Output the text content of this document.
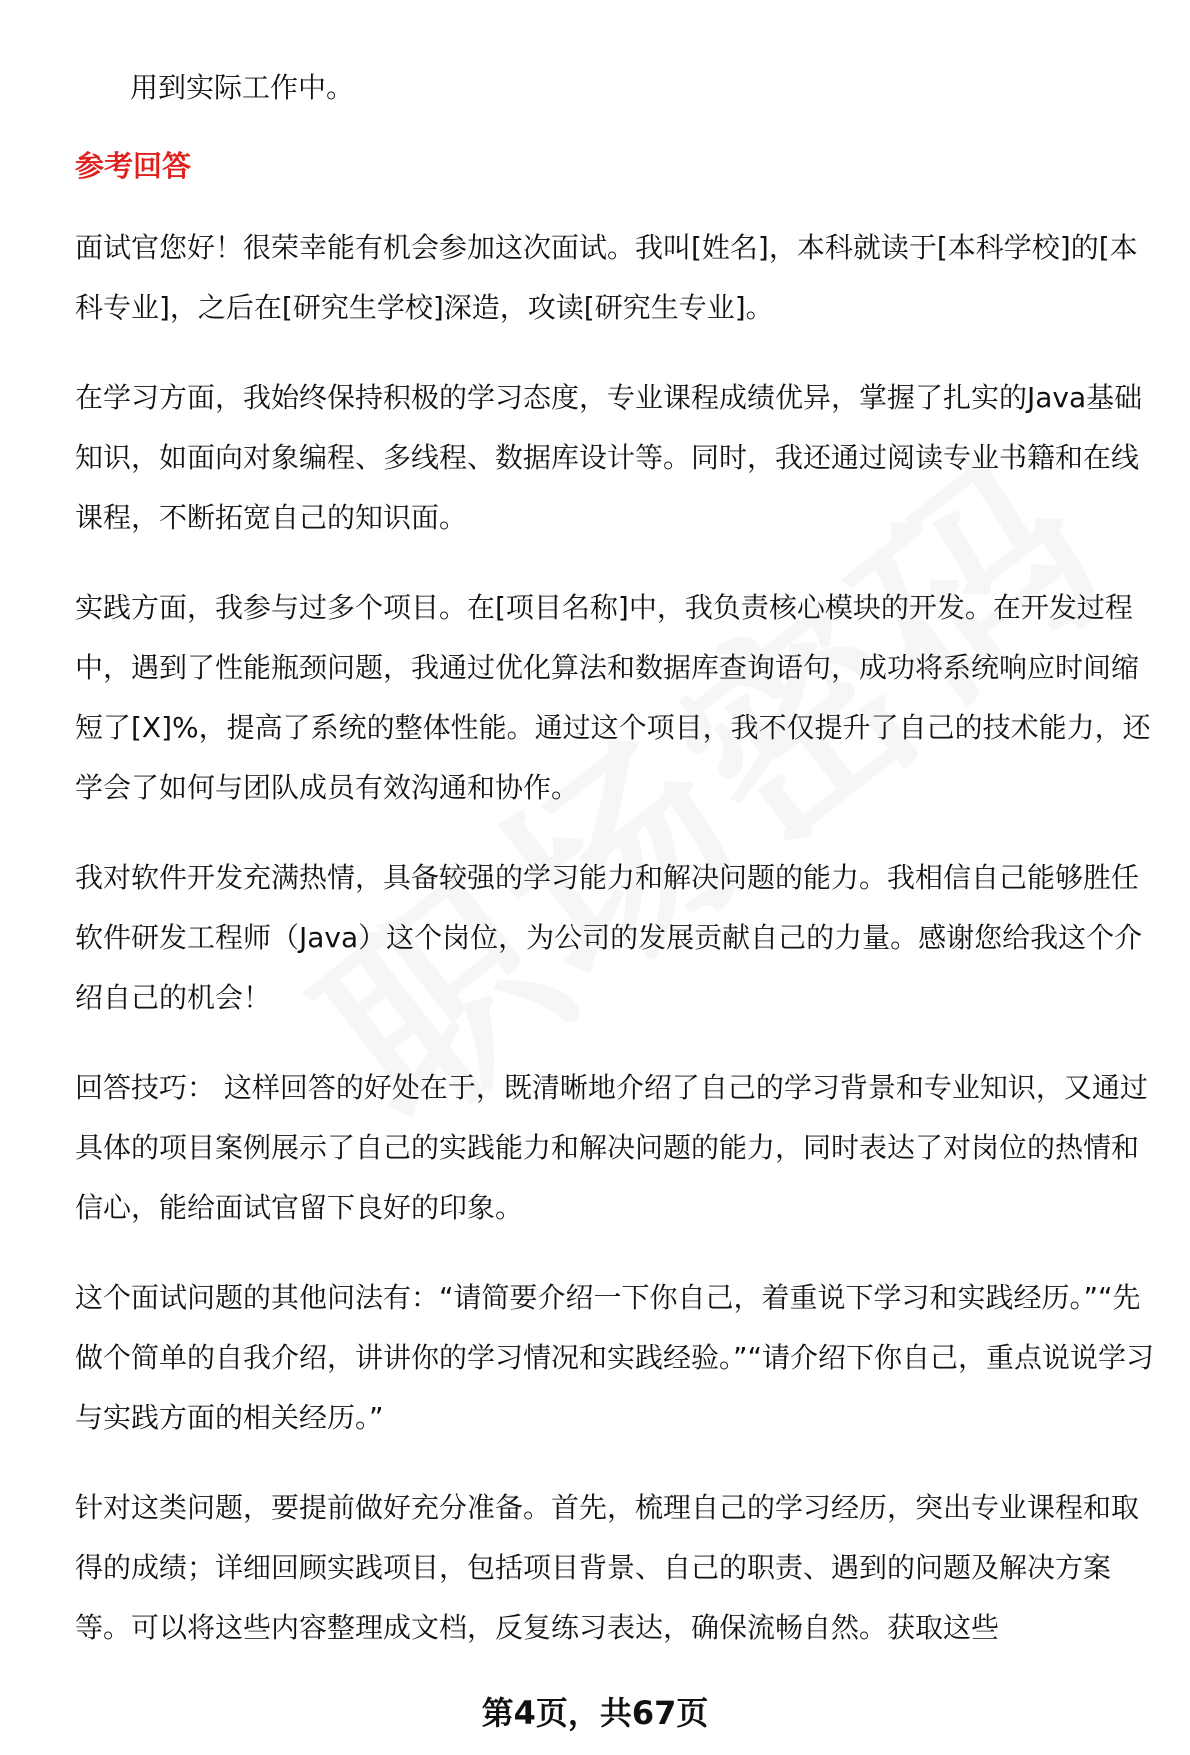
用到实际工作中。

参考回答

面试官您好！很荣幸能有机会参加这次面试。我叫[姓名]，本科就读于[本科学校]的[本科专业]，之后在[研究生学校]深造，攻读[研究生专业]。

在学习方面，我始终保持积极的学习态度，专业课程成绩优异，掌握了扎实的Java基础知识，如面向对象编程、多线程、数据库设计等。同时，我还通过阅读专业书籍和在线课程，不断拓宽自己的知识面。

实践方面，我参与过多个项目。在[项目名称]中，我负责核心模块的开发。在开发过程中，遇到了性能瓶颈问题，我通过优化算法和数据库查询语句，成功将系统响应时间缩短了[X]%，提高了系统的整体性能。通过这个项目，我不仅提升了自己的技术能力，还学会了如何与团队成员有效沟通和协作。

我对软件开发充满热情，具备较强的学习能力和解决问题的能力。我相信自己能够胜任软件研发工程师（Java）这个岗位，为公司的发展贡献自己的力量。感谢您给我这个介绍自己的机会！

回答技巧： 这样回答的好处在于，既清晰地介绍了自己的学习背景和专业知识，又通过具体的项目案例展示了自己的实践能力和解决问题的能力，同时表达了对岗位的热情和信心，能给面试官留下良好的印象。

这个面试问题的其他问法有：“请简要介绍一下你自己，着重说下学习和实践经历。”“先做个简单的自我介绍，讲讲你的学习情况和实践经验。”“请介绍下你自己，重点说说学习与实践方面的相关经历。”

针对这类问题，要提前做好充分准备。首先，梳理自己的学习经历，突出专业课程和取得的成绩；详细回顾实践项目，包括项目背景、自己的职责、遇到的问题及解决方案等。可以将这些内容整理成文档，反复练习表达，确保流畅自然。获取这些

第4页，共67页
